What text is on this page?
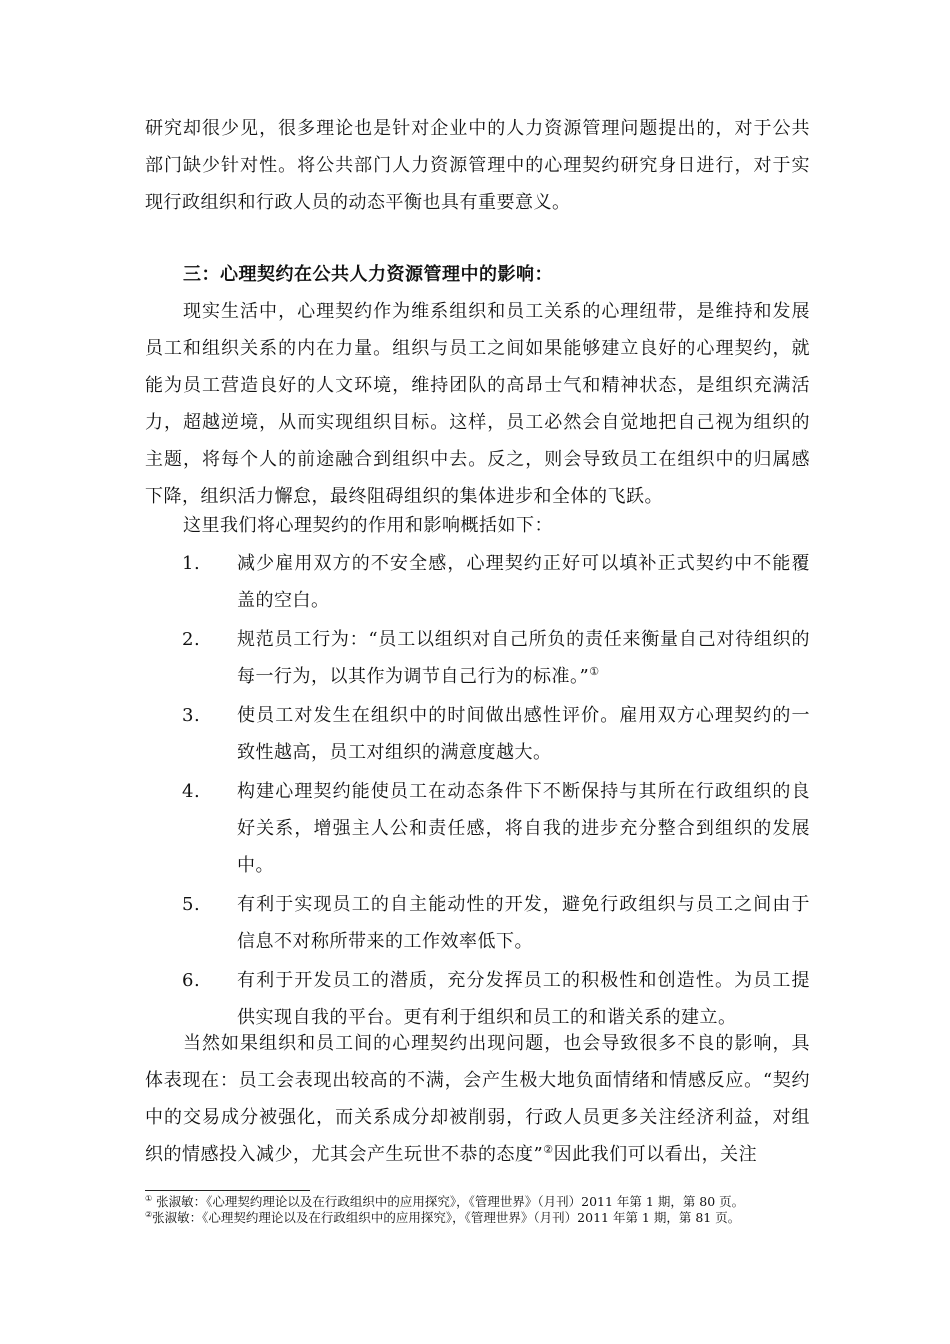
研究却很少见，很多理论也是针对企业中的人力资源管理问题提出的，对于公共部门缺少针对性。将公共部门人力资源管理中的心理契约研究身日进行，对于实现行政组织和行政人员的动态平衡也具有重要意义。

三：心理契约在公共人力资源管理中的影响：

现实生活中，心理契约作为维系组织和员工关系的心理纽带，是维持和发展员工和组织关系的内在力量。组织与员工之间如果能够建立良好的心理契约，就能为员工营造良好的人文环境，维持团队的高昂士气和精神状态，是组织充满活力，超越逆境，从而实现组织目标。这样，员工必然会自觉地把自己视为组织的主题，将每个人的前途融合到组织中去。反之，则会导致员工在组织中的归属感下降，组织活力懈怠，最终阻碍组织的集体进步和全体的飞跃。

这里我们将心理契约的作用和影响概括如下：

1. 减少雇用双方的不安全感，心理契约正好可以填补正式契约中不能覆盖的空白。
2. 规范员工行为：“员工以组织对自己所负的责任来衡量自己对待组织的每一行为，以其作为调节自己行为的标准。”①
3. 使员工对发生在组织中的时间做出感性评价。雇用双方心理契约的一致性越高，员工对组织的满意度越大。
4. 构建心理契约能使员工在动态条件下不断保持与其所在行政组织的良好关系，增强主人公和责任感，将自我的进步充分整合到组织的发展中。
5. 有利于实现员工的自主能动性的开发，避免行政组织与员工之间由于信息不对称所带来的工作效率低下。
6. 有利于开发员工的潜质，充分发挥员工的积极性和创造性。为员工提供实现自我的平台。更有利于组织和员工的和谐关系的建立。

当然如果组织和员工间的心理契约出现问题，也会导致很多不良的影响，具体表现在：员工会表现出较高的不满，会产生极大地负面情绪和情感反应。“契约中的交易成分被强化，而关系成分却被削弱，行政人员更多关注经济利益，对组织的情感投入减少，尤其会产生玩世不恭的态度”②因此我们可以看出，关注

① 张淑敏：《心理契约理论以及在行政组织中的应用探究》，《管理世界》（月刊）2011 年第 1 期，第 80 页。
②张淑敏：《心理契约理论以及在行政组织中的应用探究》，《管理世界》（月刊）2011 年第 1 期，第 81 页。
